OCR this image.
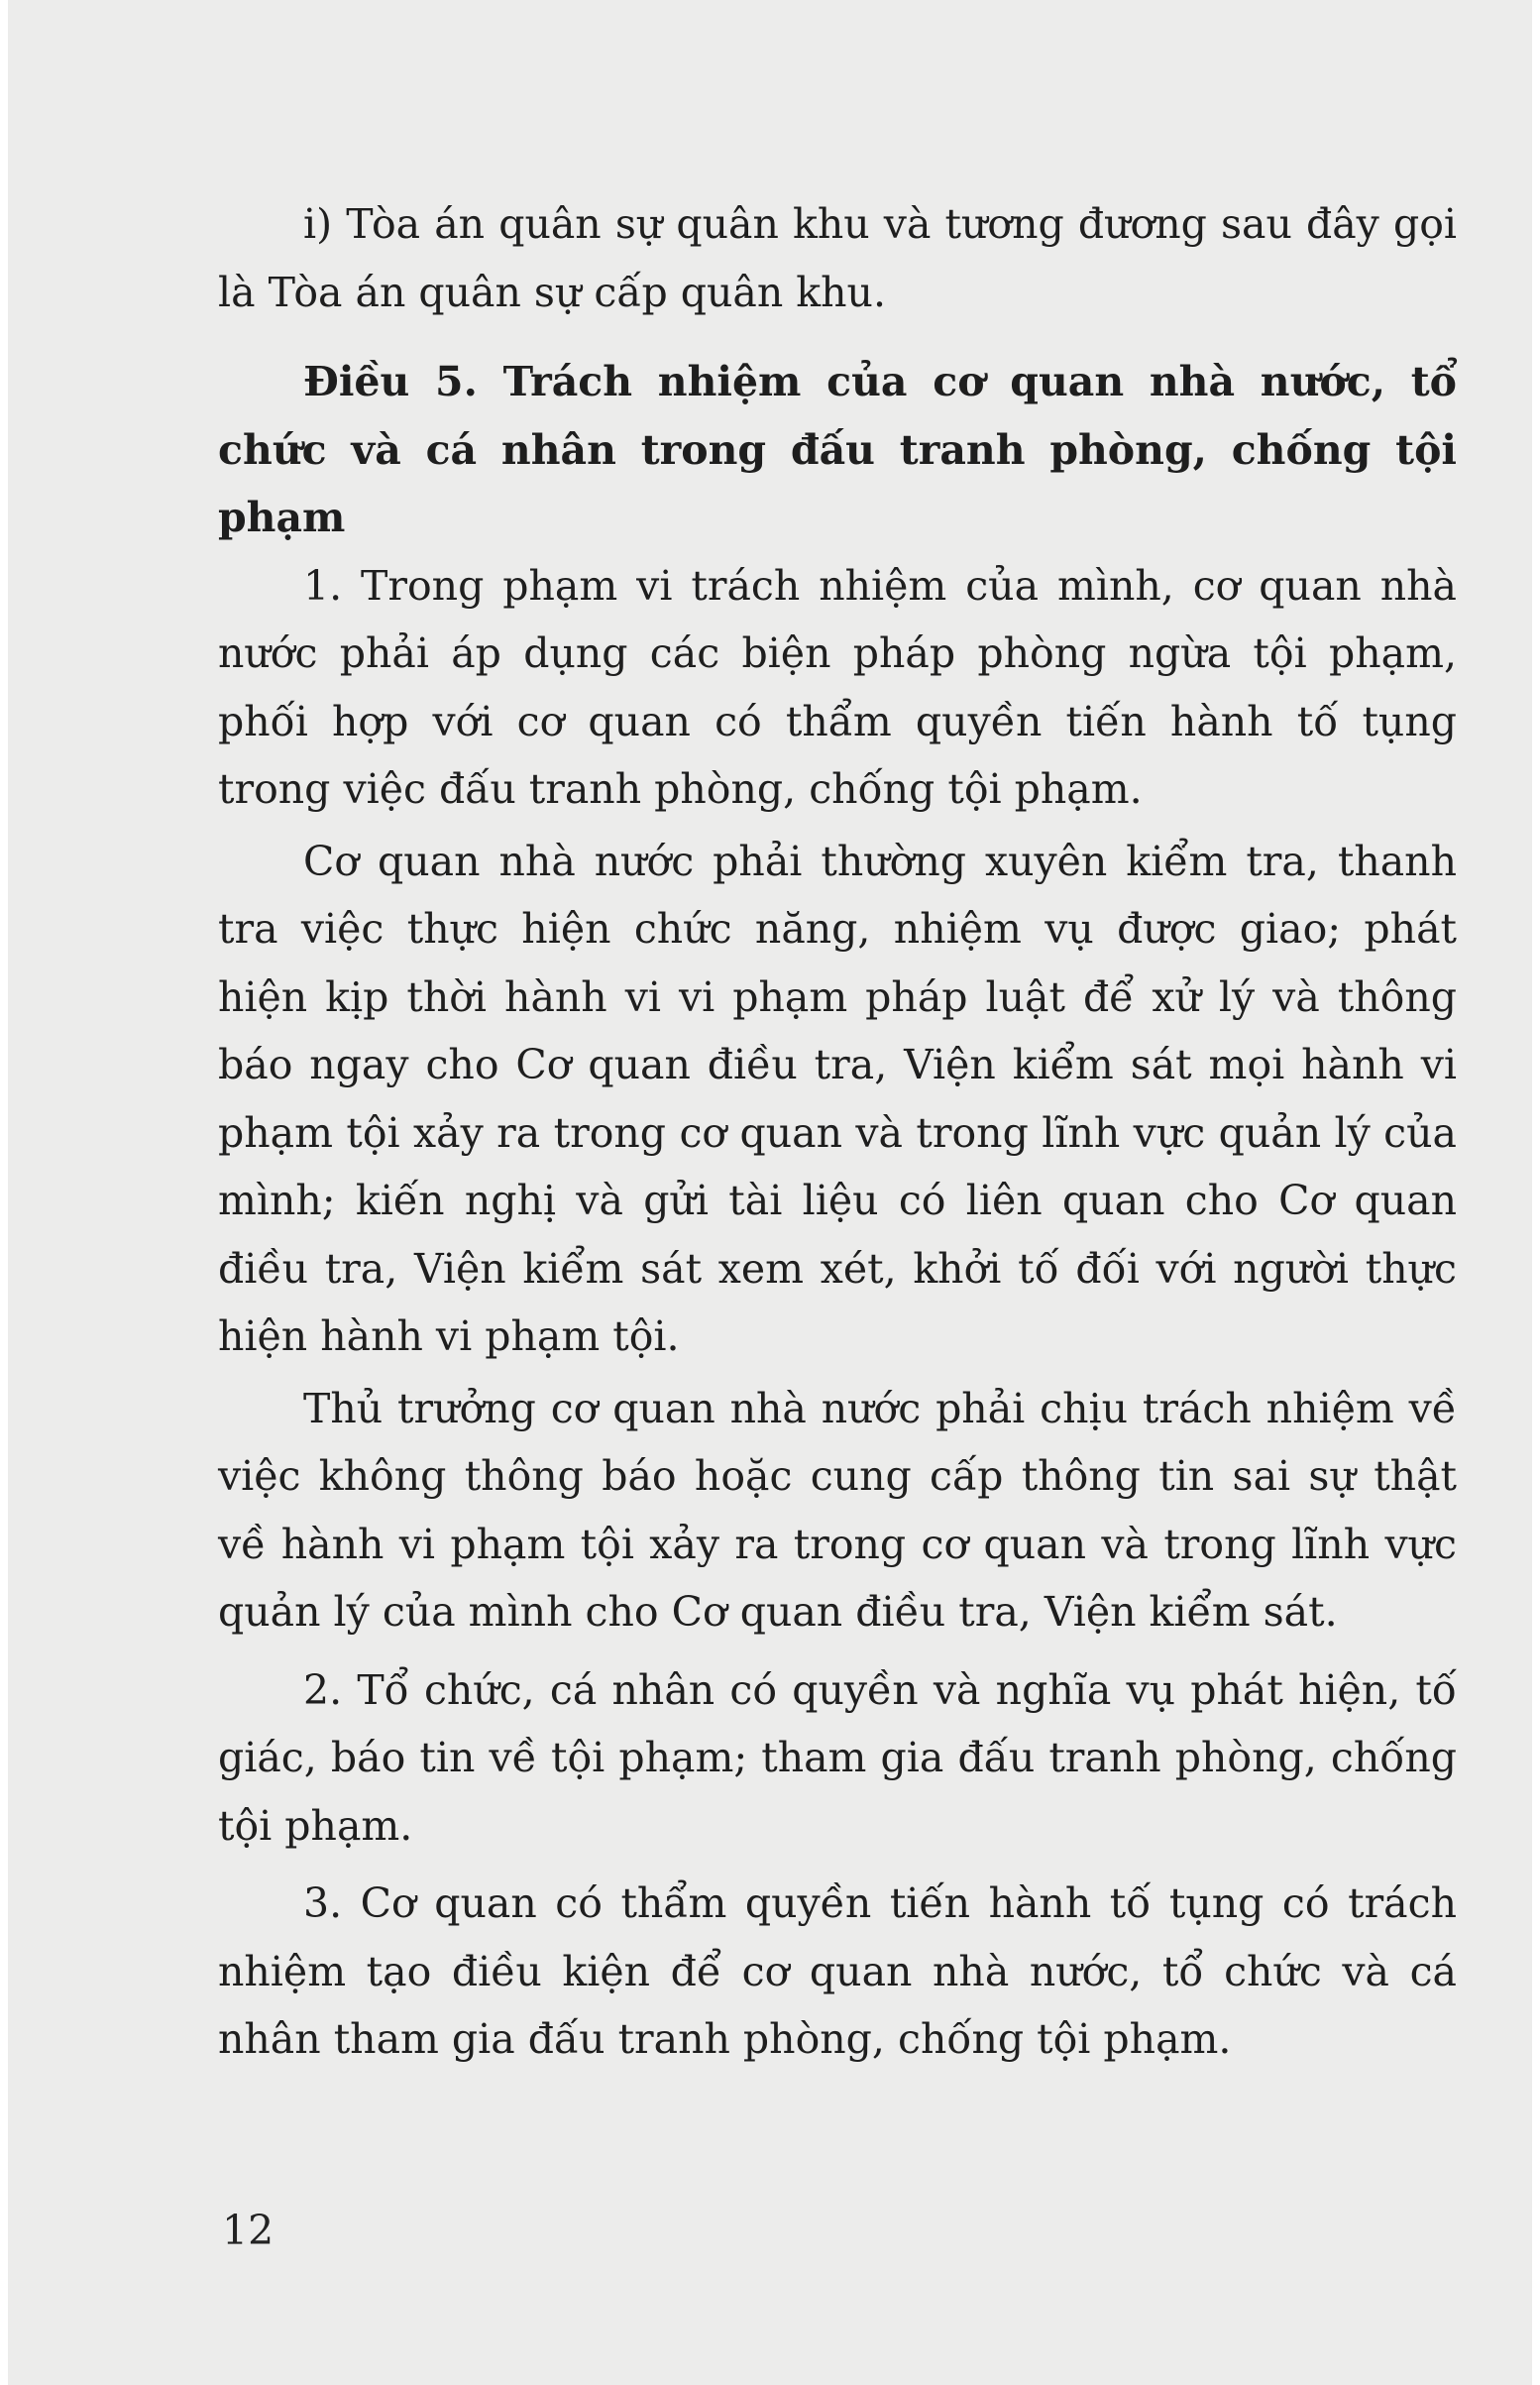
i) Tòa án quân sự quân khu và tương đương sau đây gọi là Tòa án quân sự cấp quân khu.

Điều 5. Trách nhiệm của cơ quan nhà nước, tổ chức và cá nhân trong đấu tranh phòng, chống tội phạm

1. Trong phạm vi trách nhiệm của mình, cơ quan nhà nước phải áp dụng các biện pháp phòng ngừa tội phạm, phối hợp với cơ quan có thẩm quyền tiến hành tố tụng trong việc đấu tranh phòng, chống tội phạm.

Cơ quan nhà nước phải thường xuyên kiểm tra, thanh tra việc thực hiện chức năng, nhiệm vụ được giao; phát hiện kịp thời hành vi vi phạm pháp luật để xử lý và thông báo ngay cho Cơ quan điều tra, Viện kiểm sát mọi hành vi phạm tội xảy ra trong cơ quan và trong lĩnh vực quản lý của mình; kiến nghị và gửi tài liệu có liên quan cho Cơ quan điều tra, Viện kiểm sát xem xét, khởi tố đối với người thực hiện hành vi phạm tội.

Thủ trưởng cơ quan nhà nước phải chịu trách nhiệm về việc không thông báo hoặc cung cấp thông tin sai sự thật về hành vi phạm tội xảy ra trong cơ quan và trong lĩnh vực quản lý của mình cho Cơ quan điều tra, Viện kiểm sát.

2. Tổ chức, cá nhân có quyền và nghĩa vụ phát hiện, tố giác, báo tin về tội phạm; tham gia đấu tranh phòng, chống tội phạm.

3. Cơ quan có thẩm quyền tiến hành tố tụng có trách nhiệm tạo điều kiện để cơ quan nhà nước, tổ chức và cá nhân tham gia đấu tranh phòng, chống tội phạm.

12
